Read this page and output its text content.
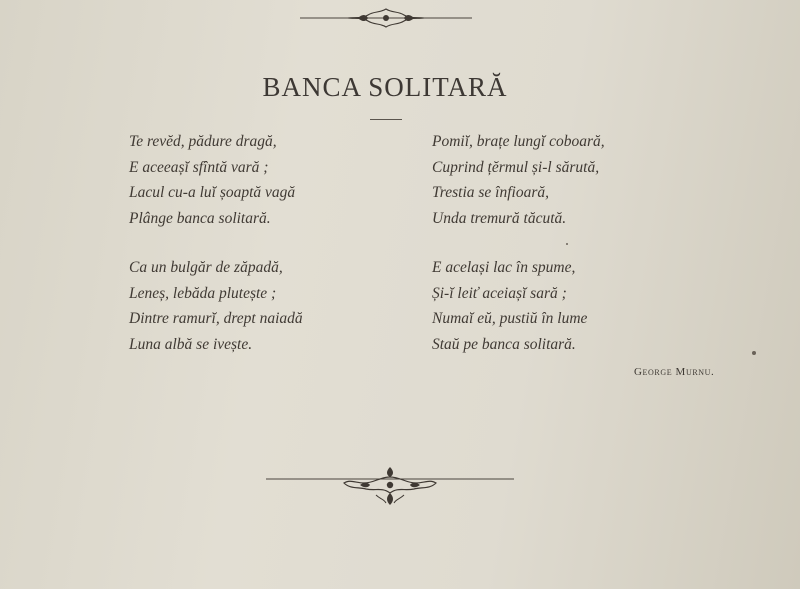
BANCA SOLITARĂ
Te revĕd, pădure dragă,
E aceeașĭ sfîntă vară ;
Lacul cu-a luĭ șoaptă vagă
Plânge banca solitară.
Ca un bulgăr de zăpadă,
Leneș, lebăda plutește ;
Dintre ramurĭ, drept naiadă
Luna albă se ivește.
Pomiĭ, brațe lungĭ coboară,
Cuprind țĕrmul și-l sărută,
Trestia se înfioară,
Unda tremură tăcută.
E același lac în spume,
Și-ĭ leiť aceiașĭ sară ;
Numaĭ eŭ, pustiŭ în lume
Staŭ pe banca solitară.
George Murnu.
